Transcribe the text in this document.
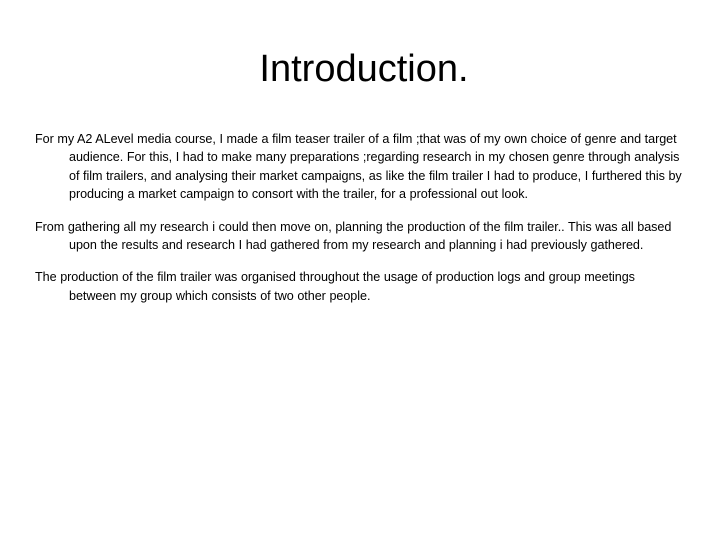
Introduction.

For my A2 ALevel media course, I made a film teaser trailer of a film ;that was of my own choice of genre and target audience. For this, I had to make many preparations ;regarding research in my chosen genre through analysis of film trailers, and analysing their market campaigns, as like the film trailer I had to produce, I furthered this by producing a market campaign to consort with the trailer, for a professional out look.

From gathering all my research i could then move on, planning the production of the film trailer.. This was all based upon the results and research I had gathered from my research and planning i had previously gathered.

The production of the film trailer was organised throughout the usage of production logs and group meetings between my group which consists of two other people.
